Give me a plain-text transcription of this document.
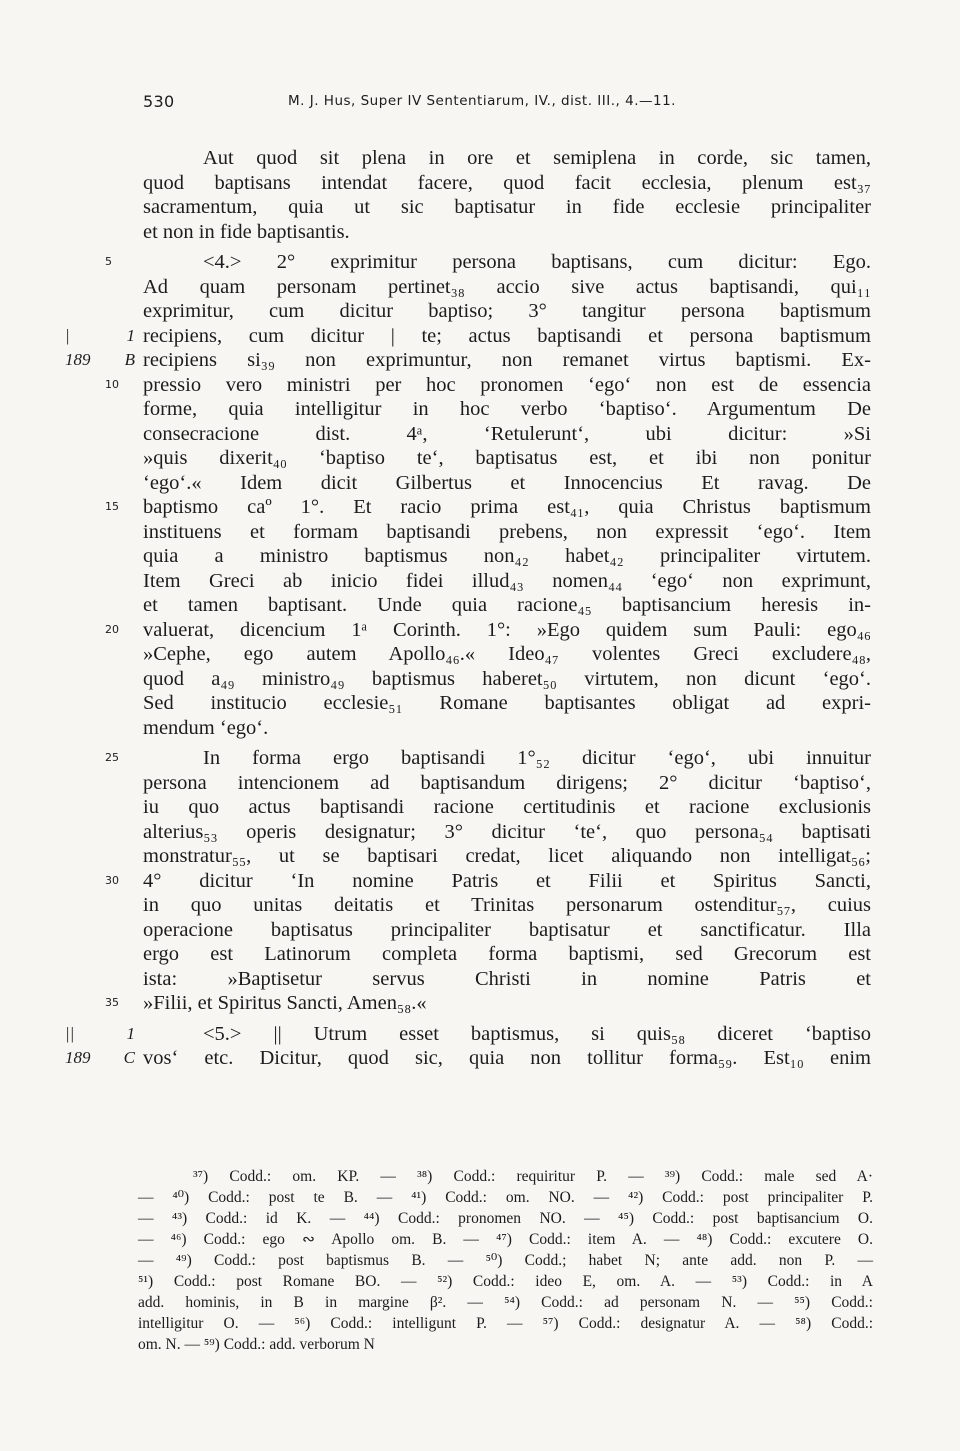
530	M. J. Hus, Super IV Sententiarum, IV., dist. III., 4.—11.
Aut quod sit plena in ore et semiplena in corde, sic tamen,
quod baptisans intendat facere, quod facit ecclesia, plenum est₃₇
sacramentum, quia ut sic baptisatur in fide ecclesie principaliter
et non in fide baptisantis.
5	<4.> 2° exprimitur persona baptisans, cum dicitur: Ego.
Ad quam personam pertinet₃₈ accio sive actus baptisandi, qui₁₁
exprimitur, cum dicitur baptiso; 3° tangitur persona baptismum
| 1 recipiens, cum dicitur | te; actus baptisandi et persona baptismum
189 B recipiens si₃₉ non exprimuntur, non remanet virtus baptismi. Ex-
10 pressio vero ministri per hoc pronomen ‘ego‘ non est de essencia
forme, quia intelligitur in hoc verbo ‘baptiso‘. Argumentum De
consecracione dist. 4ᵃ, ‘Retulerunt‘, ubi dicitur: »Si
»quis dixerit₄₀ ‘baptiso te‘, baptisatus est, et ibi non ponitur
‘ego‘.« Idem dicit Gilbertus et Innocencius Et ravag. De
15 baptismo caº 1°. Et racio prima est₄₁, quia Christus baptismum
instituens et formam baptisandi prebens, non expressit ‘ego‘. Item
quia a ministro baptismus non₄₂ habet₄₂ principaliter virtutem.
Item Greci ab inicio fidei illud₄₃ nomen₄₄ ‘ego‘ non exprimunt,
et tamen baptisant. Unde quia racione₄₅ baptisancium heresis in-
20 valuerat, dicencium 1ᵃ Corinth. 1°: »Ego quidem sum Pauli: ego₄₆
»Cephe, ego autem Apollo₄₆.« Ideo₄₇ volentes Greci excludere₄₈,
quod a₄₉ ministro₄₉ baptismus haberet₅₀ virtutem, non dicunt ‘ego‘.
Sed institucio ecclesie₅₁ Romane baptisantes obligat ad expri-
mendum ‘ego‘.
25	In forma ergo baptisandi 1°₅₂ dicitur ‘ego‘, ubi innuitur
persona intencionem ad baptisandum dirigens; 2° dicitur ‘baptiso‘,
iu quo actus baptisandi racione certitudinis et racione exclusionis
alterius₅₃ operis designatur; 3° dicitur ‘te‘, quo persona₅₄ baptisati
monstratur₅₅, ut se baptisari credat, licet aliquando non intelligat₅₆;
30 4° dicitur ‘In nomine Patris et Filii et Spiritus Sancti,
in quo unitas deitatis et Trinitas personarum ostenditur₅₇, cuius
operacione baptisatus principaliter baptisatur et sanctificatur. Illa
ergo est Latinorum completa forma baptismi, sed Grecorum est
ista: »Baptisetur servus Christi in nomine Patris et
35 »Filii, et Spiritus Sancti, Amen₅₈.«
|| 1	<5.> || Utrum esset baptismus, si quis₅₈ diceret ‘baptiso
189 C vos‘ etc. Dicitur, quod sic, quia non tollitur forma₅₉. Est₁₀ enim
³⁷) Codd.: om. KP. — ³⁸) Codd.: requiritur P. — ³⁹) Codd.: male sed A·
— ⁴⁰) Codd.: post te B. — ⁴¹) Codd.: om. NO. — ⁴²) Codd.: post principaliter P.
— ⁴³) Codd.: id K. — ⁴⁴) Codd.: pronomen NO. — ⁴⁵) Codd.: post baptisancium O.
— ⁴⁶) Codd.: ego ∾ Apollo om. B. — ⁴⁷) Codd.: item A. — ⁴⁸) Codd.: excutere O.
— ⁴⁹) Codd.: post baptismus B. — ⁵⁰) Codd.; habet N; ante add. non P. —
⁵¹) Codd.: post Romane BO. — ⁵²) Codd.: ideo E, om. A. — ⁵³) Codd.: in A
add. hominis, in B in margine β². — ⁵⁴) Codd.: ad personam N. — ⁵⁵) Codd.:
intelligitur O. — ⁵⁶) Codd.: intelligunt P. — ⁵⁷) Codd.: designatur A. — ⁵⁸) Codd.:
om. N. — ⁵⁹) Codd.: add. verborum N
